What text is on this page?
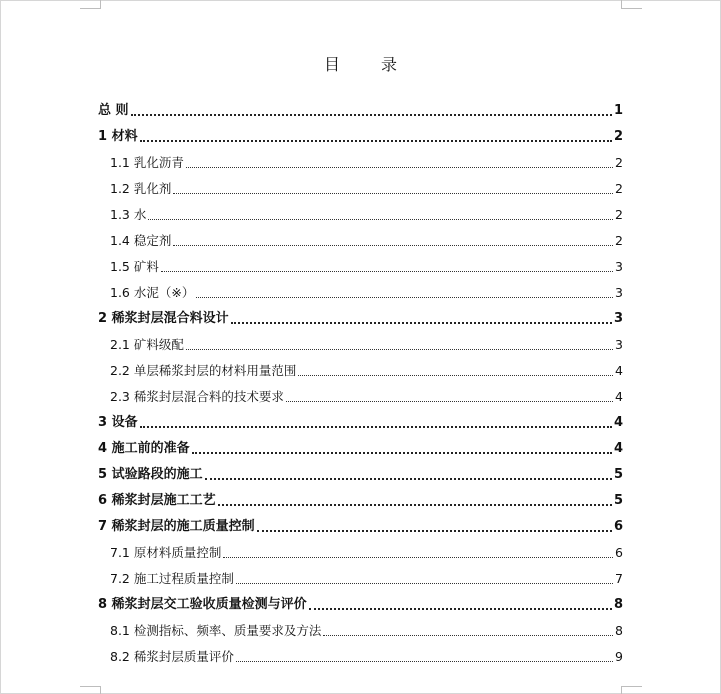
目 录
总 则	1
1 材料	2
1.1 乳化沥青	2
1.2 乳化剂	2
1.3 水	2
1.4 稳定剂	2
1.5 矿料	3
1.6 水泥（※）	3
2 稀浆封层混合料设计	3
2.1 矿料级配	3
2.2 单层稀浆封层的材料用量范围	4
2.3 稀浆封层混合料的技术要求	4
3 设备	4
4 施工前的准备	4
5 试验路段的施工	5
6 稀浆封层施工工艺	5
7 稀浆封层的施工质量控制	6
7.1 原材料质量控制	6
7.2 施工过程质量控制	7
8 稀浆封层交工验收质量检测与评价	8
8.1 检测指标、频率、质量要求及方法	8
8.2 稀浆封层质量评价	9
